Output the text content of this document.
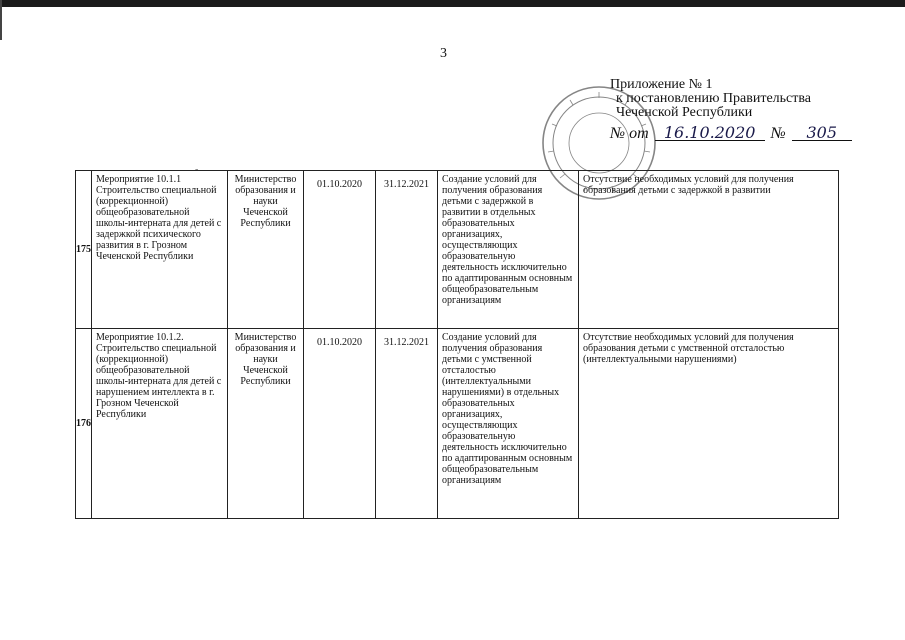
3
Приложение № 1
к постановлению Правительства
Чеченской Республики
№ от 16.10.2020 №	305
-
175	Мероприятие 10.1.1 Строительство специальной (коррекционной) общеобразовательной школы-интерната для детей с задержкой психического развития в г. Грозном Чеченской Республики	Министерство образования и науки Чеченской Республики	01.10.2020	31.12.2021	Создание условий для получения образования детьми с задержкой в развитии в отдельных образовательных организациях, осуществляющих образовательную деятельность исключительно по адаптированным основным общеобразовательным организациям	Отсутствие необходимых условий для получения образования детьми с задержкой в развитии
176	Мероприятие 10.1.2. Строительство специальной (коррекционной) общеобразовательной школы-интерната для детей с нарушением интеллекта в г. Грозном Чеченской Республики	Министерство образования и науки Чеченской Республики	01.10.2020	31.12.2021	Создание условий для получения образования детьми с умственной отсталостью (интеллектуальными нарушениями) в отдельных образовательных организациях, осуществляющих образовательную деятельность исключительно по адаптированным основным общеобразовательным организациям	Отсутствие необходимых условий для получения образования детьми с умственной отсталостью (интеллектуальными нарушениями)
